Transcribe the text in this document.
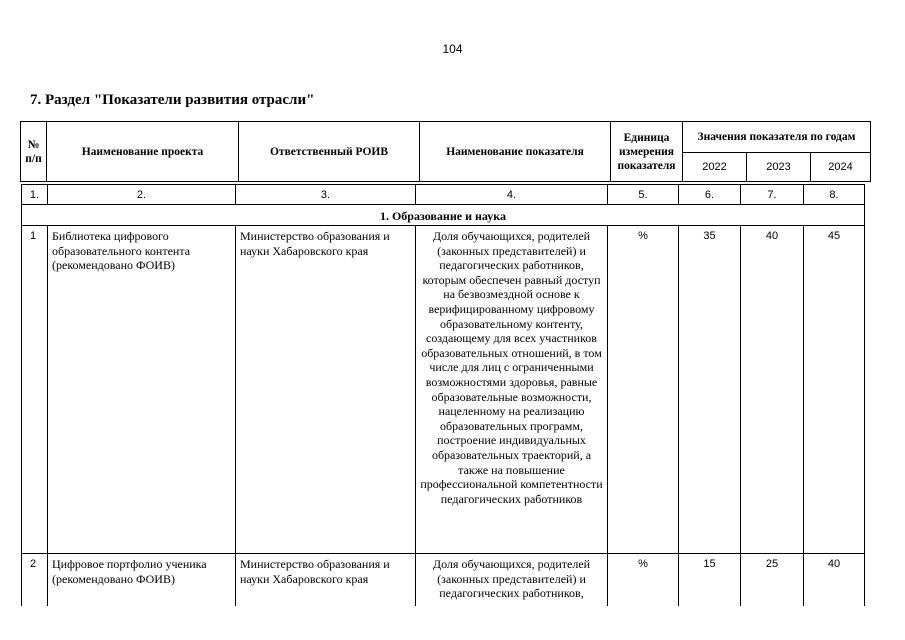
104
7. Раздел "Показатели развития отрасли"
№ п/п	Наименование проекта	Ответственный РОИВ	Наименование показателя	Единица измерения показателя	Значения показателя по годам		
					2022	2023	2024
1.	2.	3.	4.	5.	6.	7.	8.
1. Образование и наука							
1	Библиотека цифрового образовательного контента (рекомендовано ФОИВ)	Министерство образования и науки Хабаровского края	Доля обучающихся, родителей (законных представителей) и педагогических работников, которым обеспечен равный доступ на безвозмездной основе к верифицированному цифровому образовательному контенту, создающему для всех участников образовательных отношений, в том числе для лиц с ограниченными возможностями здоровья, равные образовательные возможности, нацеленному на реализацию образовательных программ, построение индивидуальных образовательных траекторий, а также на повышение профессиональной компетентности педагогических работников	%	35	40	45
2	Цифровое портфолио ученика (рекомендовано ФОИВ)	Министерство образования и науки Хабаровского края	Доля обучающихся, родителей (законных представителей) и педагогических работников,	%	15	25	40
